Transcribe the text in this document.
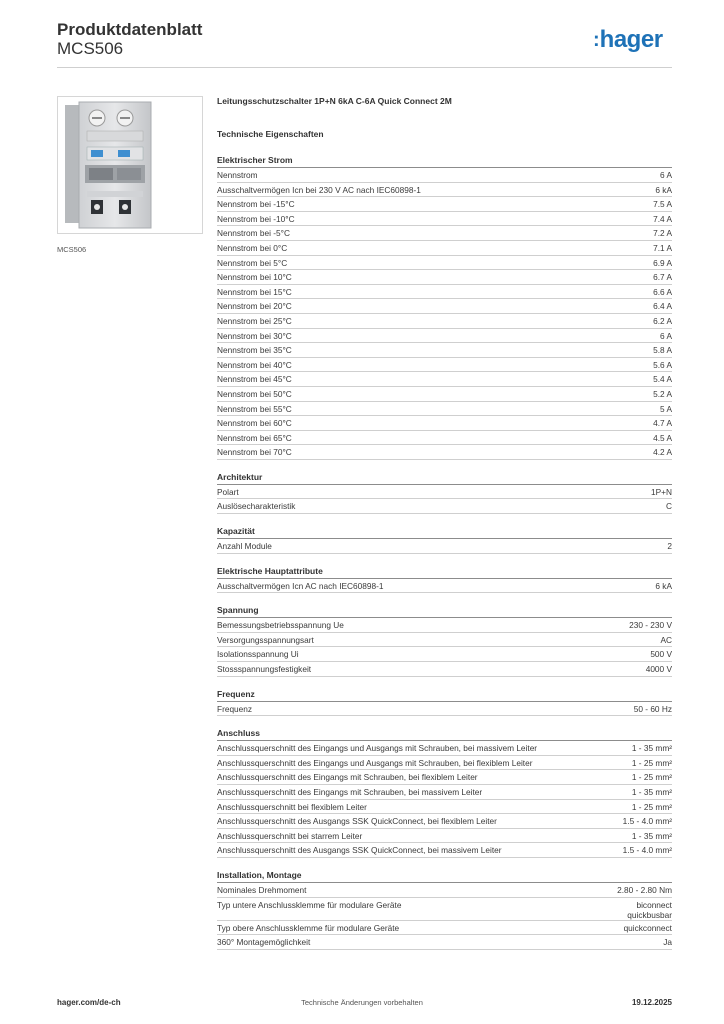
Produktdatenblatt
MCS506	:hager
MCS506
Leitungsschutzschalter 1P+N 6kA C-6A Quick Connect 2M
Technische Eigenschaften
Elektrischer Strom
Nennstrom	6 A
Ausschaltvermögen Icn bei 230 V AC nach IEC60898-1	6 kA
Nennstrom bei -15°C	7.5 A
Nennstrom bei -10°C	7.4 A
Nennstrom bei -5°C	7.2 A
Nennstrom bei 0°C	7.1 A
Nennstrom bei 5°C	6.9 A
Nennstrom bei 10°C	6.7 A
Nennstrom bei 15°C	6.6 A
Nennstrom bei 20°C	6.4 A
Nennstrom bei 25°C	6.2 A
Nennstrom bei 30°C	6 A
Nennstrom bei 35°C	5.8 A
Nennstrom bei 40°C	5.6 A
Nennstrom bei 45°C	5.4 A
Nennstrom bei 50°C	5.2 A
Nennstrom bei 55°C	5 A
Nennstrom bei 60°C	4.7 A
Nennstrom bei 65°C	4.5 A
Nennstrom bei 70°C	4.2 A
Architektur
Polart	1P+N
Auslösecharakteristik	C
Kapazität
Anzahl Module	2
Elektrische Hauptattribute
Ausschaltvermögen Icn AC nach IEC60898-1	6 kA
Spannung
Bemessungsbetriebsspannung Ue	230 - 230 V
Versorgungsspannungsart	AC
Isolationsspannung Ui	500 V
Stossspannungsfestigkeit	4000 V
Frequenz
Frequenz	50 - 60 Hz
Anschluss
Anschlussquerschnitt des Eingangs und Ausgangs mit Schrauben, bei massivem Leiter	1 - 35 mm²
Anschlussquerschnitt des Eingangs und Ausgangs mit Schrauben, bei flexiblem Leiter	1 - 25 mm²
Anschlussquerschnitt des Eingangs mit Schrauben, bei flexiblem Leiter	1 - 25 mm²
Anschlussquerschnitt des Eingangs mit Schrauben, bei massivem Leiter	1 - 35 mm²
Anschlussquerschnitt bei flexiblem Leiter	1 - 25 mm²
Anschlussquerschnitt des Ausgangs SSK QuickConnect, bei flexiblem Leiter	1.5 - 4.0 mm²
Anschlussquerschnitt bei starrem Leiter	1 - 35 mm²
Anschlussquerschnitt des Ausgangs SSK QuickConnect, bei massivem Leiter	1.5 - 4.0 mm²
Installation, Montage
Nominales Drehmoment	2.80 - 2.80 Nm
Typ untere Anschlussklemme für modulare Geräte	biconnect
quickbusbar
Typ obere Anschlussklemme für modulare Geräte	quickconnect
360° Montagemöglichkeit	Ja
hager.com/de-ch	Technische Änderungen vorbehalten	19.12.2025
